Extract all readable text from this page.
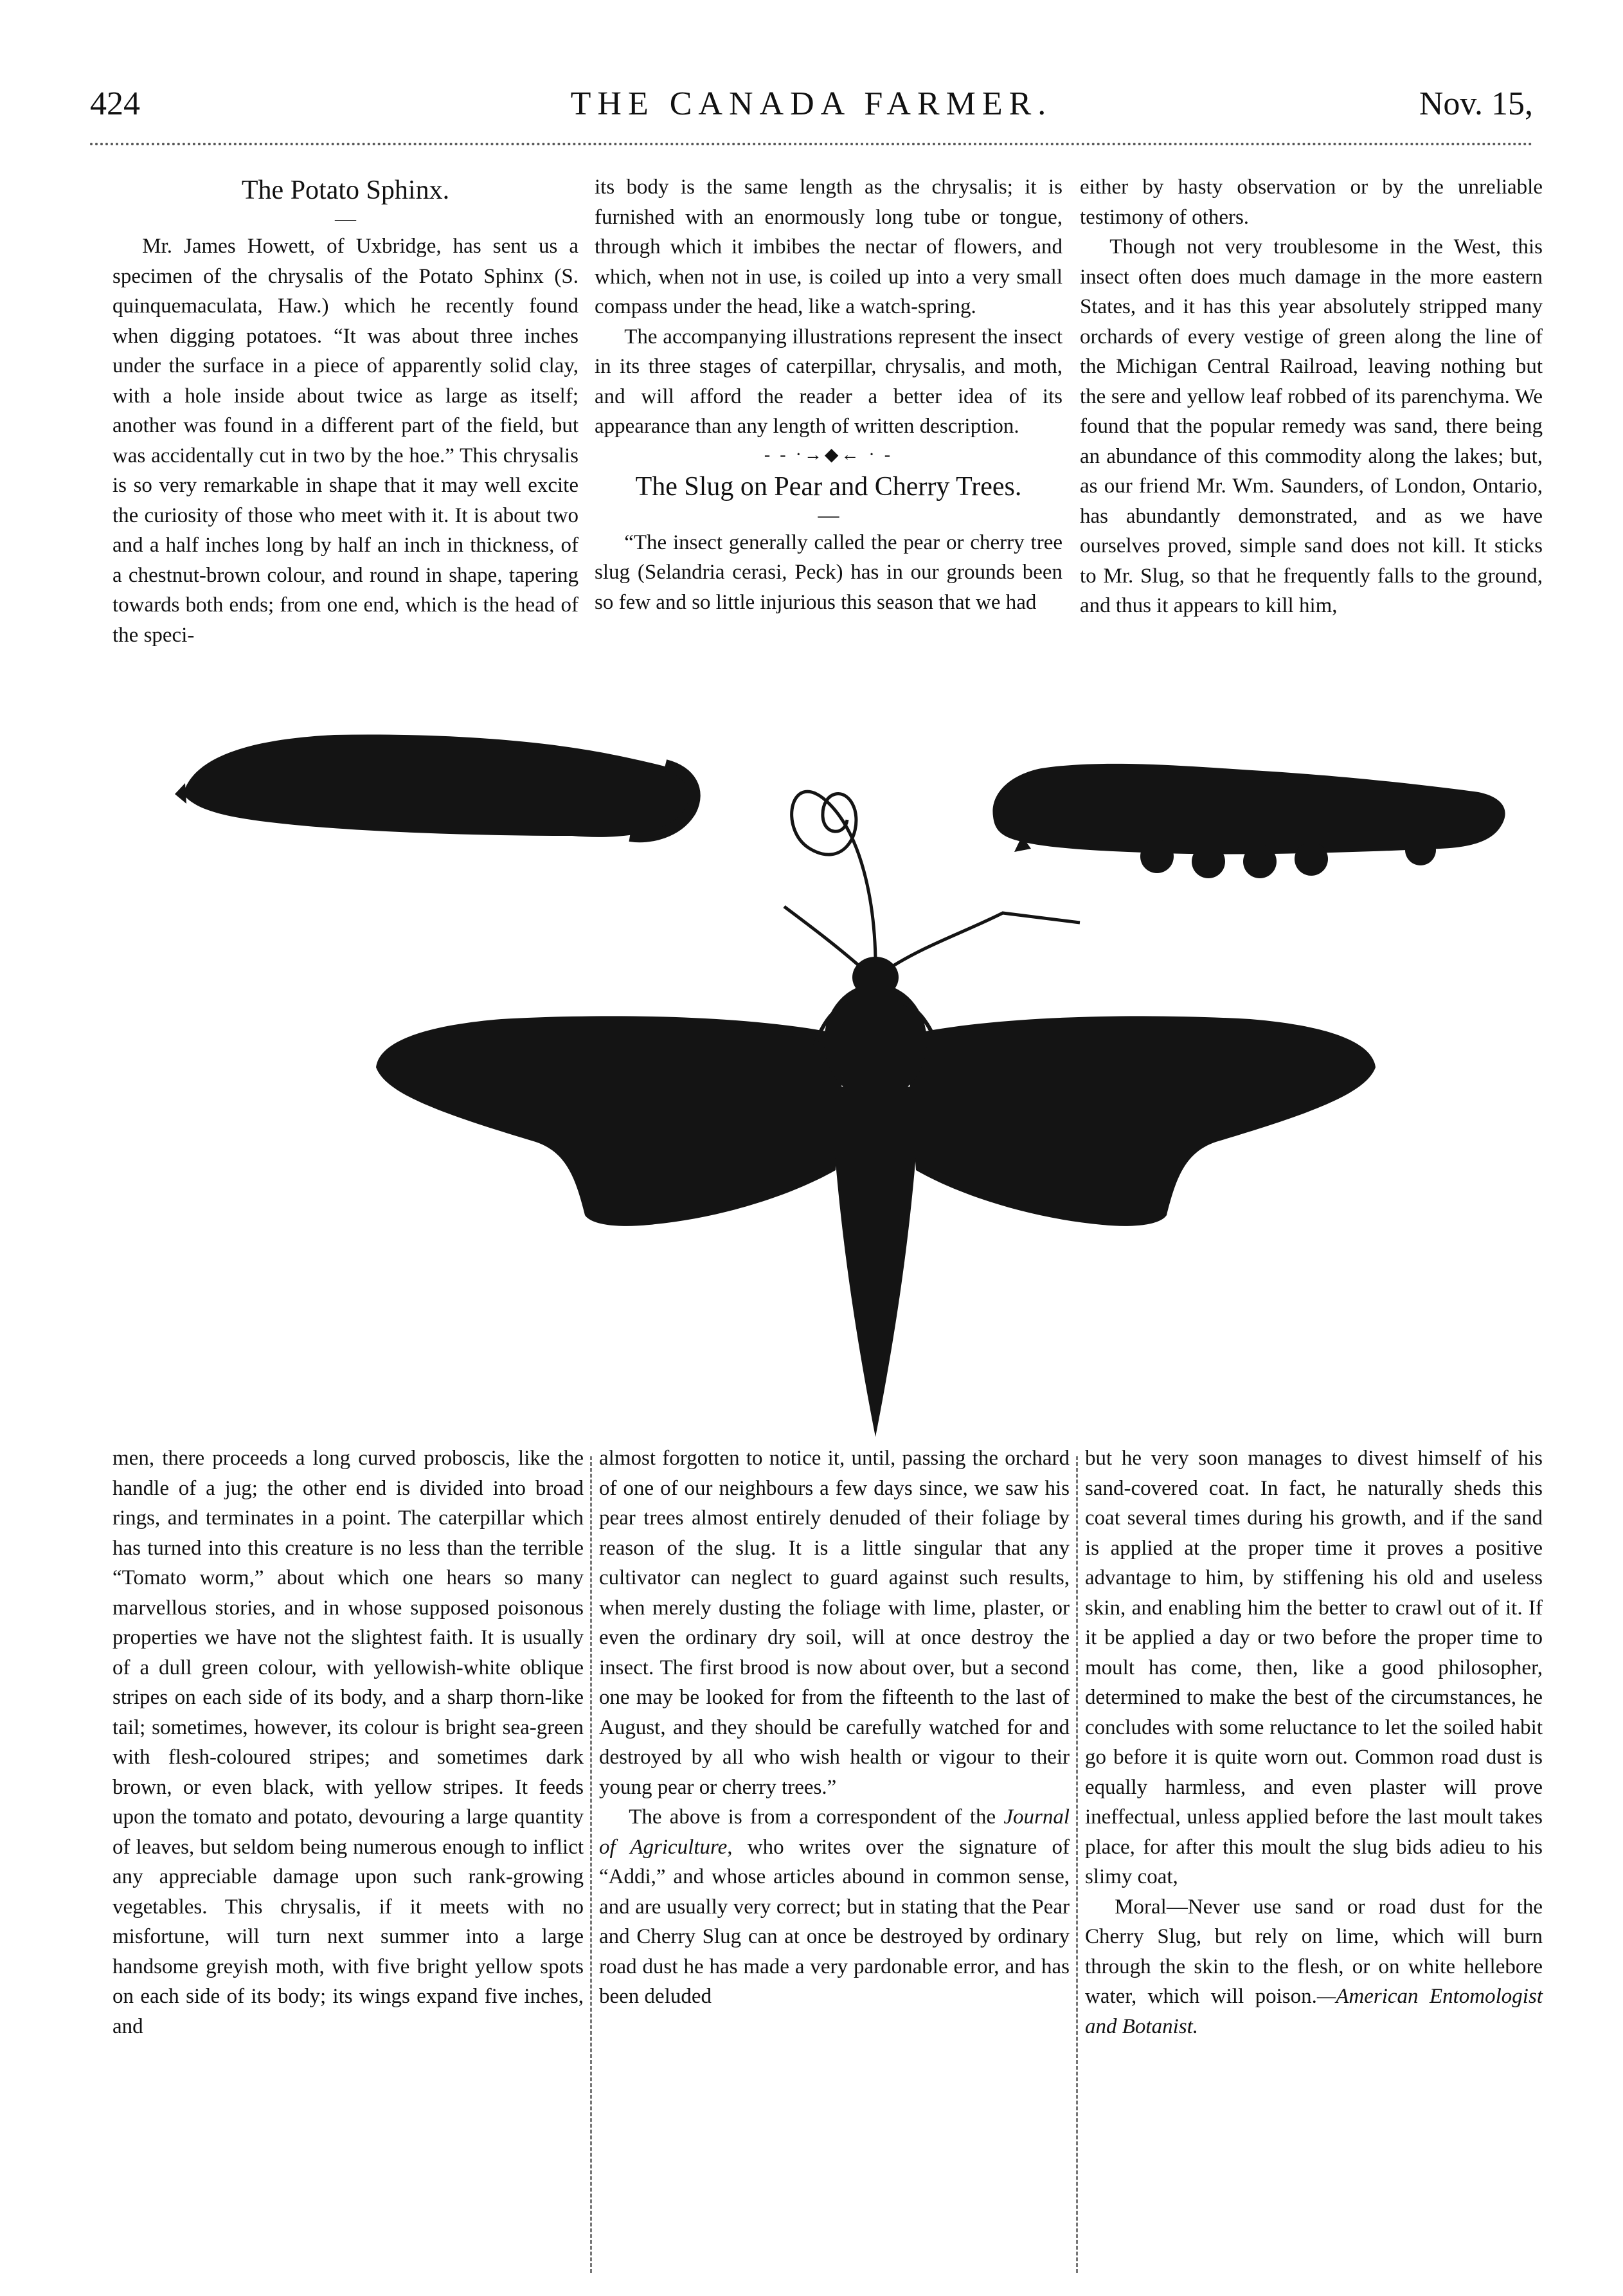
424	THE CANADA FARMER.	Nov. 15,
The Potato Sphinx.
—

Mr. James Howett, of Uxbridge, has sent us a specimen of the chrysalis of the Potato Sphinx (S. quinquemaculata, Haw.) which he recently found when digging potatoes. “It was about three inches under the surface in a piece of apparently solid clay, with a hole inside about twice as large as itself; another was found in a different part of the field, but was accidentally cut in two by the hoe.” This chrysalis is so very remarkable in shape that it may well excite the curiosity of those who meet with it. It is about two and a half inches long by half an inch in thickness, of a chestnut-brown colour, and round in shape, tapering towards both ends; from one end, which is the head of the speci-

its body is the same length as the chrysalis; it is furnished with an enormously long tube or tongue, through which it imbibes the nectar of flowers, and which, when not in use, is coiled up into a very small compass under the head, like a watch-spring.

The accompanying illustrations represent the insect in its three stages of caterpillar, chrysalis, and moth, and will afford the reader a better idea of its appearance than any length of written description.

- - ·→◆← · -
The Slug on Pear and Cherry Trees.
—

“The insect generally called the pear or cherry tree slug (Selandria cerasi, Peck) has in our grounds been so few and so little injurious this season that we had

either by hasty observation or by the unreliable testimony of others.

Though not very troublesome in the West, this insect often does much damage in the more eastern States, and it has this year absolutely stripped many orchards of every vestige of green along the line of the Michigan Central Railroad, leaving nothing but the sere and yellow leaf robbed of its parenchyma. We found that the popular remedy was sand, there being an abundance of this commodity along the lakes; but, as our friend Mr. Wm. Saunders, of London, Ontario, has abundantly demonstrated, and as we have ourselves proved, simple sand does not kill. It sticks to Mr. Slug, so that he frequently falls to the ground, and thus it appears to kill him,

men, there proceeds a long curved proboscis, like the handle of a jug; the other end is divided into broad rings, and terminates in a point. The caterpillar which has turned into this creature is no less than the terrible “Tomato worm,” about which one hears so many marvellous stories, and in whose supposed poisonous properties we have not the slightest faith. It is usually of a dull green colour, with yellowish-white oblique stripes on each side of its body, and a sharp thorn-like tail; sometimes, however, its colour is bright sea-green with flesh-coloured stripes; and sometimes dark brown, or even black, with yellow stripes. It feeds upon the tomato and potato, devouring a large quantity of leaves, but seldom being numerous enough to inflict any appreciable damage upon such rank-growing vegetables. This chrysalis, if it meets with no misfortune, will turn next summer into a large handsome greyish moth, with five bright yellow spots on each side of its body; its wings expand five inches, and

almost forgotten to notice it, until, passing the orchard of one of our neighbours a few days since, we saw his pear trees almost entirely denuded of their foliage by reason of the slug. It is a little singular that any cultivator can neglect to guard against such results, when merely dusting the foliage with lime, plaster, or even the ordinary dry soil, will at once destroy the insect. The first brood is now about over, but a second one may be looked for from the fifteenth to the last of August, and they should be carefully watched for and destroyed by all who wish health or vigour to their young pear or cherry trees.”

The above is from a correspondent of the Journal of Agriculture, who writes over the signature of “Addi,” and whose articles abound in common sense, and are usually very correct; but in stating that the Pear and Cherry Slug can at once be destroyed by ordinary road dust he has made a very pardonable error, and has been deluded

but he very soon manages to divest himself of his sand-covered coat. In fact, he naturally sheds this coat several times during his growth, and if the sand is applied at the proper time it proves a positive advantage to him, by stiffening his old and useless skin, and enabling him the better to crawl out of it. If it be applied a day or two before the proper time to moult has come, then, like a good philosopher, determined to make the best of the circumstances, he concludes with some reluctance to let the soiled habit go before it is quite worn out. Common road dust is equally harmless, and even plaster will prove ineffectual, unless applied before the last moult takes place, for after this moult the slug bids adieu to his slimy coat,

Moral—Never use sand or road dust for the Cherry Slug, but rely on lime, which will burn through the skin to the flesh, or on white hellebore water, which will poison.—American Entomologist and Botanist.
